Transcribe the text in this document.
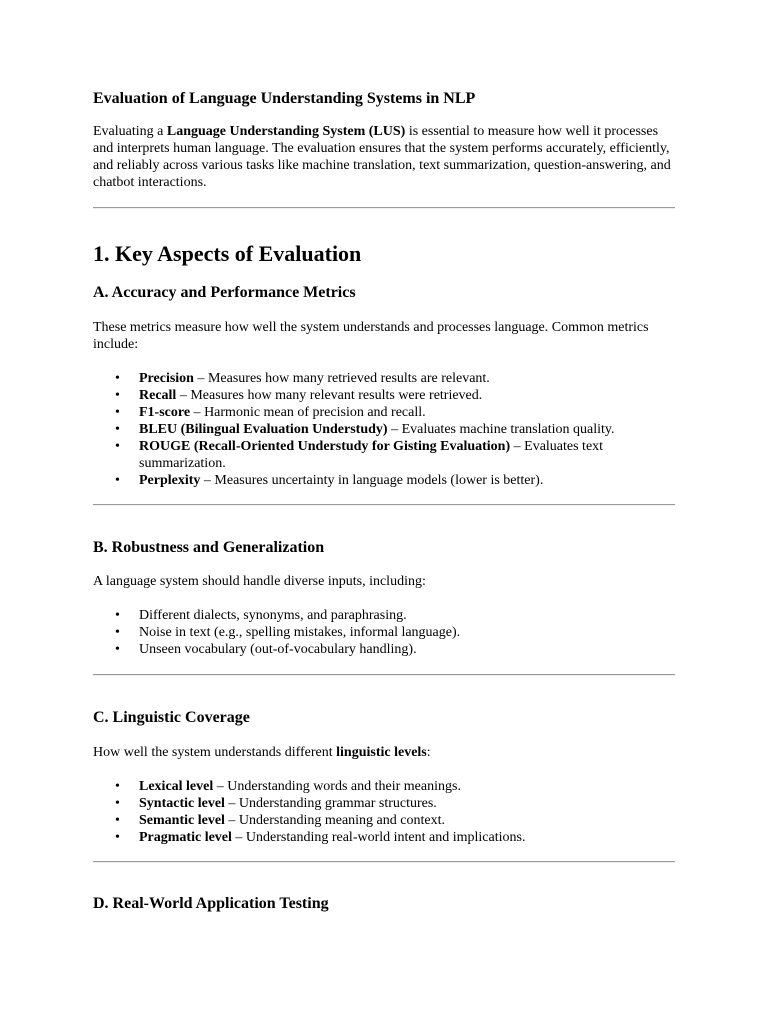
Evaluation of Language Understanding Systems in NLP

Evaluating a Language Understanding System (LUS) is essential to measure how well it processes and interprets human language. The evaluation ensures that the system performs accurately, efficiently, and reliably across various tasks like machine translation, text summarization, question-answering, and chatbot interactions.

1. Key Aspects of Evaluation
A. Accuracy and Performance Metrics

These metrics measure how well the system understands and processes language. Common metrics include:

• Precision – Measures how many retrieved results are relevant.
• Recall – Measures how many relevant results were retrieved.
• F1-score – Harmonic mean of precision and recall.
• BLEU (Bilingual Evaluation Understudy) – Evaluates machine translation quality.
• ROUGE (Recall-Oriented Understudy for Gisting Evaluation) – Evaluates text summarization.
• Perplexity – Measures uncertainty in language models (lower is better).
B. Robustness and Generalization

A language system should handle diverse inputs, including:

• Different dialects, synonyms, and paraphrasing.
• Noise in text (e.g., spelling mistakes, informal language).
• Unseen vocabulary (out-of-vocabulary handling).
C. Linguistic Coverage

How well the system understands different linguistic levels:

• Lexical level – Understanding words and their meanings.
• Syntactic level – Understanding grammar structures.
• Semantic level – Understanding meaning and context.
• Pragmatic level – Understanding real-world intent and implications.
D. Real-World Application Testing
